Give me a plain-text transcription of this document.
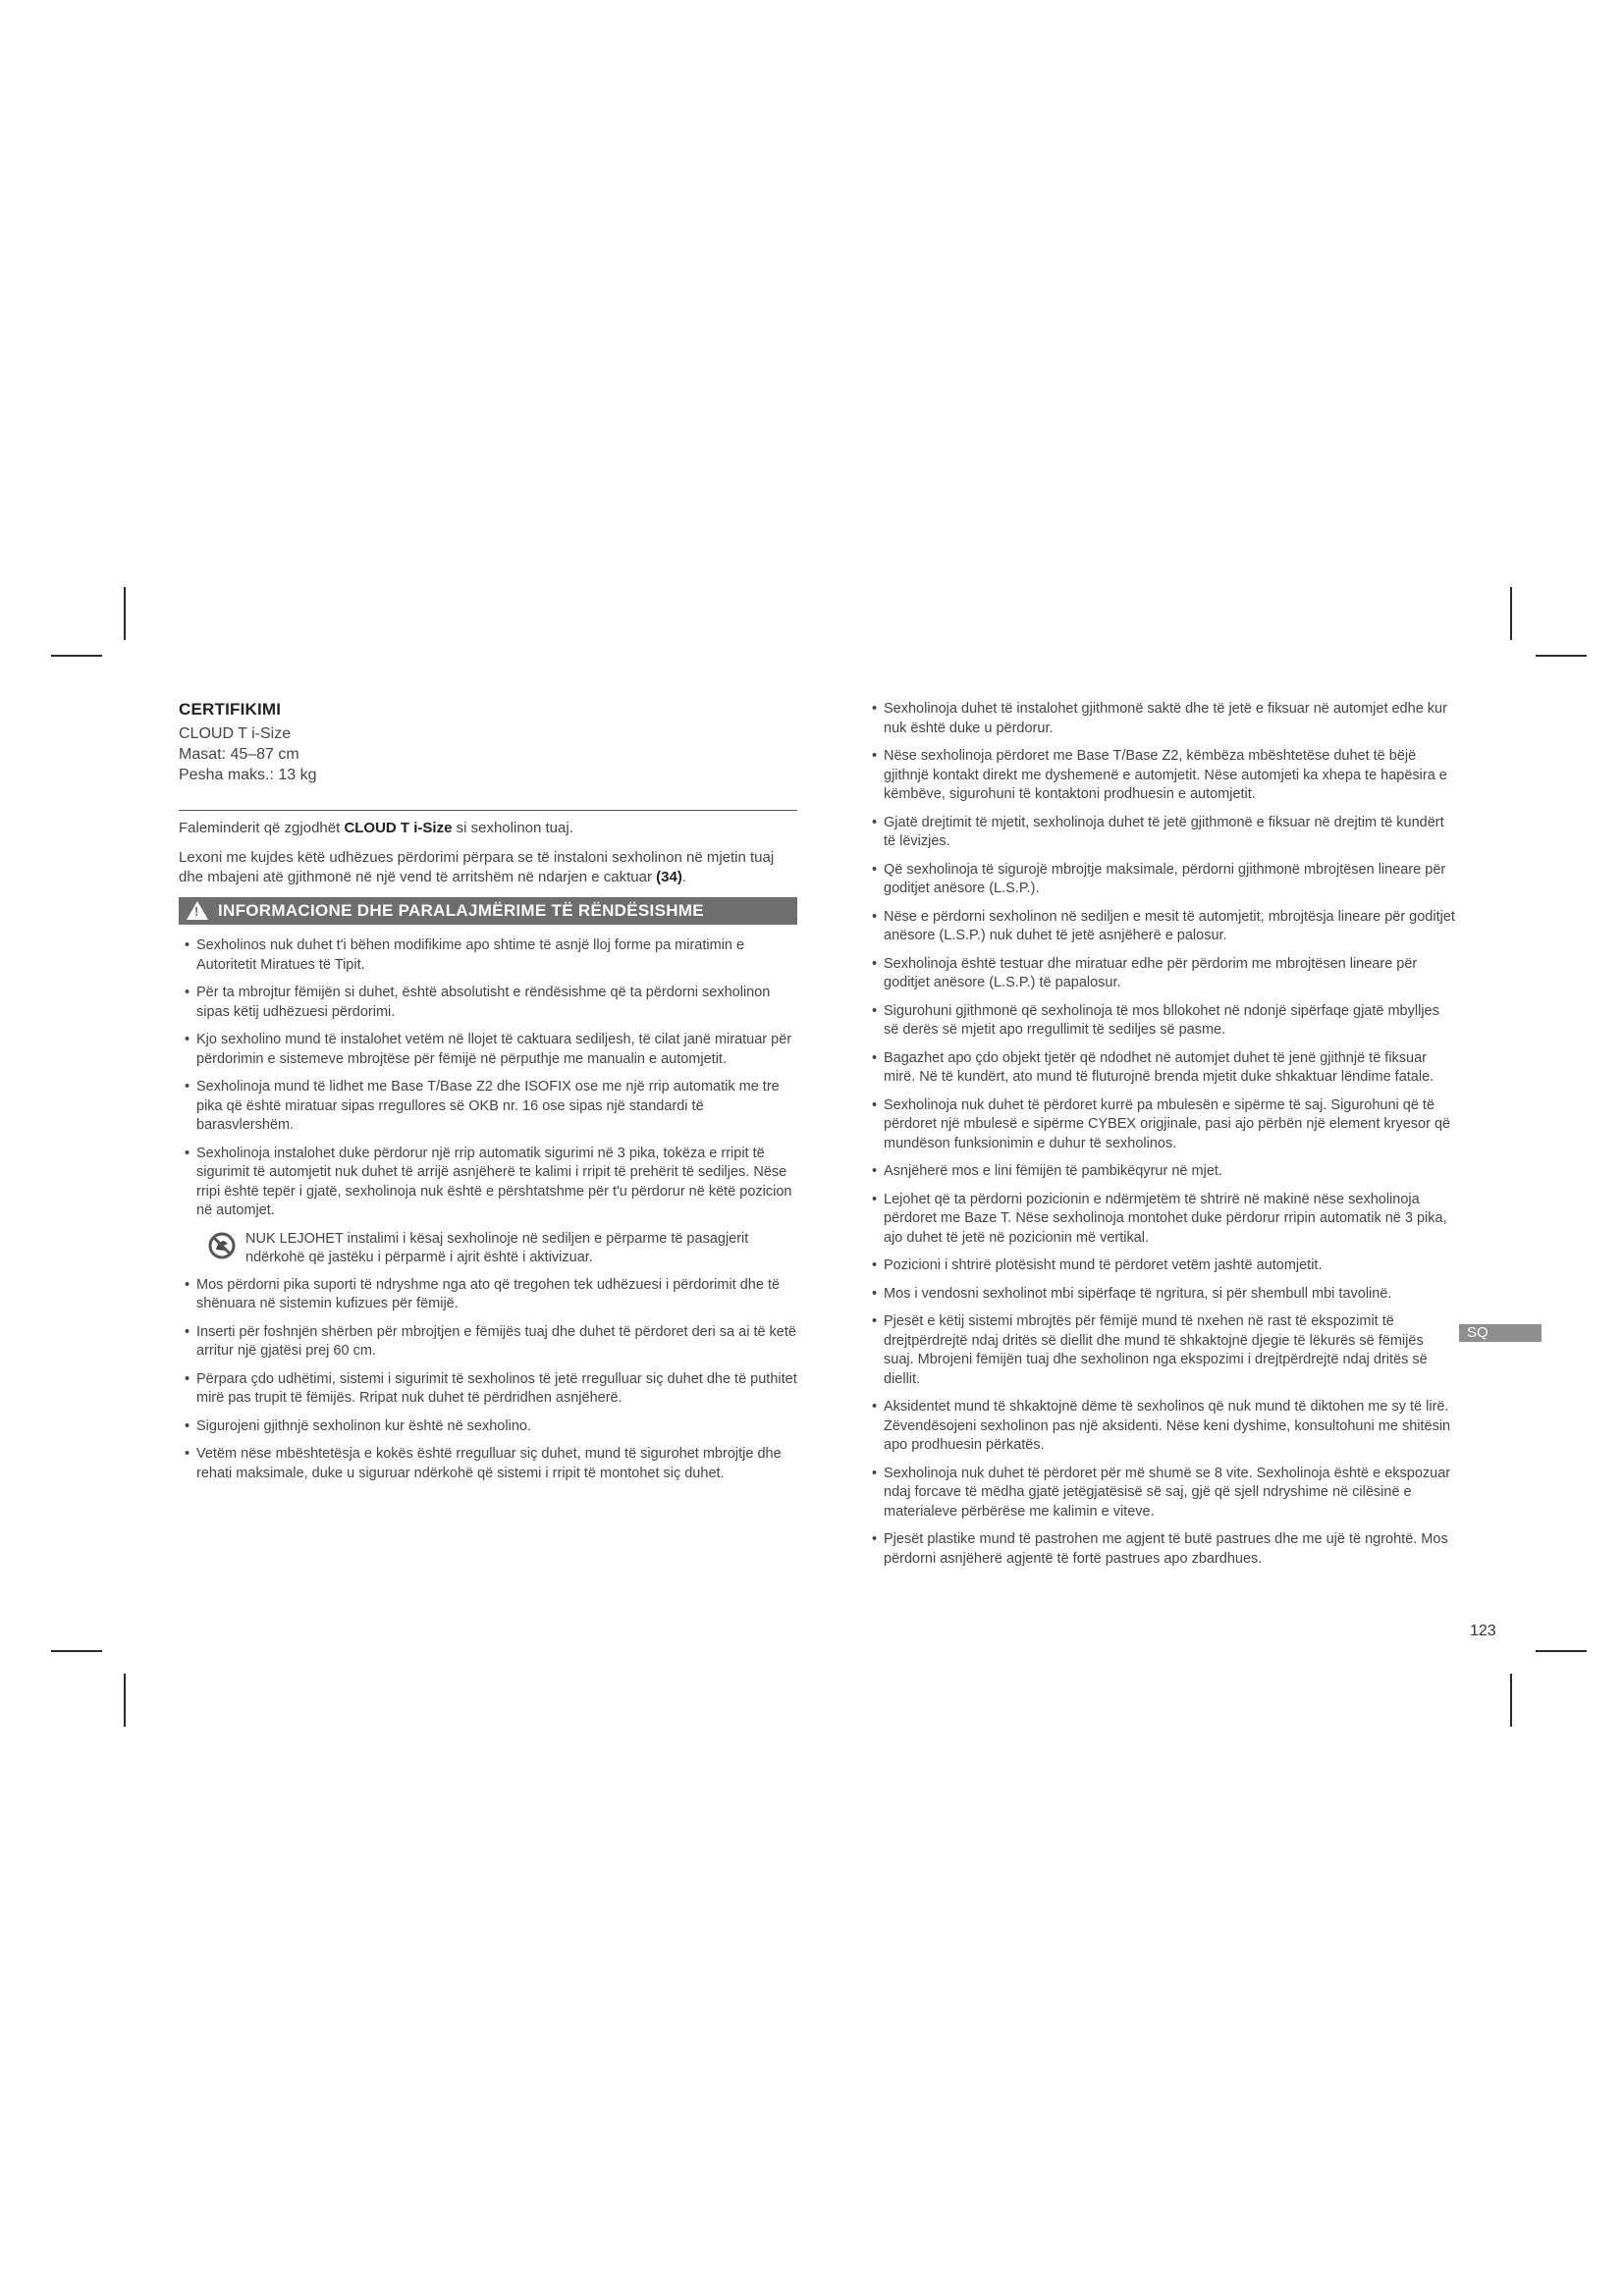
CERTIFIKIMI
CLOUD T i-Size
Masat: 45–87 cm
Pesha maks.: 13 kg

Faleminderit që zgjodhët CLOUD T i-Size si sexholinon tuaj.

Lexoni me kujdes këtë udhëzues përdorimi përpara se të instaloni sexholinon në mjetin tuaj dhe mbajeni atë gjithmonë në një vend të arritshëm në ndarjen e caktuar (34).

! INFORMACIONE DHE PARALAJMËRIME TË RËNDËSISHME
• Sexholinos nuk duhet t'i bëhen modifikime apo shtime të asnjë lloj forme pa miratimin e Autoritetit Miratues të Tipit.
• Për ta mbrojtur fëmijën si duhet, është absolutisht e rëndësishme që ta përdorni sexholinon sipas këtij udhëzuesi përdorimi.
• Kjo sexholino mund të instalohet vetëm në llojet të caktuara sediljesh, të cilat janë miratuar për përdorimin e sistemeve mbrojtëse për fëmijë në përputhje me manualin e automjetit.
• Sexholinoja mund të lidhet me Base T/Base Z2 dhe ISOFIX ose me një rrip automatik me tre pika që është miratuar sipas rregullores së OKB nr. 16 ose sipas një standardi të barasvlershëm.
• Sexholinoja instalohet duke përdorur një rrip automatik sigurimi në 3 pika, tokëza e rripit të sigurimit të automjetit nuk duhet të arrijë asnjëherë te kalimi i rripit të prehërit të sediljes. Nëse rripi është tepër i gjatë, sexholinoja nuk është e përshtatshme për t'u përdorur në këtë pozicion në automjet.
NUK LEJOHET instalimi i kësaj sexholinoje në sediljen e përparme të pasagjerit ndërkohë që jastëku i përparmë i ajrit është i aktivizuar.
• Mos përdorni pika suporti të ndryshme nga ato që tregohen tek udhëzuesi i përdorimit dhe të shënuara në sistemin kufizues për fëmijë.
• Inserti për foshnjën shërben për mbrojtjen e fëmijës tuaj dhe duhet të përdoret deri sa ai të ketë arritur një gjatësi prej 60 cm.
• Përpara çdo udhëtimi, sistemi i sigurimit të sexholinos të jetë rregulluar siç duhet dhe të puthitet mirë pas trupit të fëmijës. Rripat nuk duhet të përdridhen asnjëherë.
• Sigurojeni gjithnjë sexholinon kur është në sexholino.
• Vetëm nëse mbështetësja e kokës është rregulluar siç duhet, mund të sigurohet mbrojtje dhe rehati maksimale, duke u siguruar ndërkohë që sistemi i rripit të montohet siç duhet.
• Sexholinoja duhet të instalohet gjithmonë saktë dhe të jetë e fiksuar në automjet edhe kur nuk është duke u përdorur.
• Nëse sexholinoja përdoret me Base T/Base Z2, këmbëza mbështetëse duhet të bëjë gjithnjë kontakt direkt me dyshemenë e automjetit. Nëse automjeti ka xhepa te hapësira e këmbëve, sigurohuni të kontaktoni prodhuesin e automjetit.
• Gjatë drejtimit të mjetit, sexholinoja duhet të jetë gjithmonë e fiksuar në drejtim të kundërt të lëvizjes.
• Që sexholinoja të sigurojë mbrojtje maksimale, përdorni gjithmonë mbrojtësen lineare për goditjet anësore (L.S.P.).
• Nëse e përdorni sexholinon në sediljen e mesit të automjetit, mbrojtësja lineare për goditjet anësore (L.S.P.) nuk duhet të jetë asnjëherë e palosur.
• Sexholinoja është testuar dhe miratuar edhe për përdorim me mbrojtësen lineare për goditjet anësore (L.S.P.) të papalosur.
• Sigurohuni gjithmonë që sexholinoja të mos bllokohet në ndonjë sipërfaqe gjatë mbylljes së derës së mjetit apo rregullimit të sediljes së pasme.
• Bagazhet apo çdo objekt tjetër që ndodhet në automjet duhet të jenë gjithnjë të fiksuar mirë. Në të kundërt, ato mund të fluturojnë brenda mjetit duke shkaktuar lëndime fatale.
• Sexholinoja nuk duhet të përdoret kurrë pa mbulesën e sipërme të saj. Sigurohuni që të përdoret një mbulesë e sipërme CYBEX origjinale, pasi ajo përbën një element kryesor që mundëson funksionimin e duhur të sexholinos.
• Asnjëherë mos e lini fëmijën të pambikëqyrur në mjet.
• Lejohet që ta përdorni pozicionin e ndërmjetëm të shtrirë në makinë nëse sexholinoja përdoret me Baze T. Nëse sexholinoja montohet duke përdorur rripin automatik në 3 pika, ajo duhet të jetë në pozicionin më vertikal.
• Pozicioni i shtrirë plotësisht mund të përdoret vetëm jashtë automjetit.
• Mos i vendosni sexholinot mbi sipërfaqe të ngritura, si për shembull mbi tavolinë.
• Pjesët e këtij sistemi mbrojtës për fëmijë mund të nxehen në rast të ekspozimit të drejtpërdrejtë ndaj dritës së diellit dhe mund të shkaktojnë djegie të lëkurës së fëmijës suaj. Mbrojeni fëmijën tuaj dhe sexholinon nga ekspozimi i drejtpërdrejtë ndaj dritës së diellit.
• Aksidentet mund të shkaktojnë dëme të sexholinos që nuk mund të diktohen me sy të lirë. Zëvendësojeni sexholinon pas një aksidenti. Nëse keni dyshime, konsultohuni me shitësin apo prodhuesin përkatës.
• Sexholinoja nuk duhet të përdoret për më shumë se 8 vite. Sexholinoja është e ekspozuar ndaj forcave të mëdha gjatë jetëgjatësisë së saj, gjë që sjell ndryshime në cilësinë e materialeve përbërëse me kalimin e viteve.
• Pjesët plastike mund të pastrohen me agjent të butë pastrues dhe me ujë të ngrohtë. Mos përdorni asnjëherë agjentë të fortë pastrues apo zbardhues.
SQ
123
